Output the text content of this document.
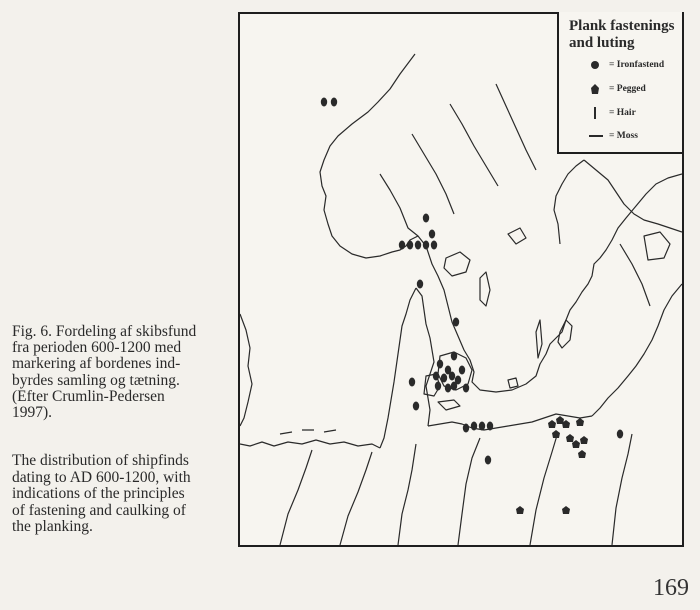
Fig. 6. Fordeling af skibsfund
fra perioden 600-1200 med
markering af bordenes ind-
byrdes samling og tætning.
(Efter Crumlin-Pedersen
1997).
The distribution of shipfinds
dating to AD 600-1200, with
indications of the principles
of fastening and caulking of
the planking.
Plank fastenings
and luting
= Ironfastend
= Pegged
= Hair
= Moss
169
